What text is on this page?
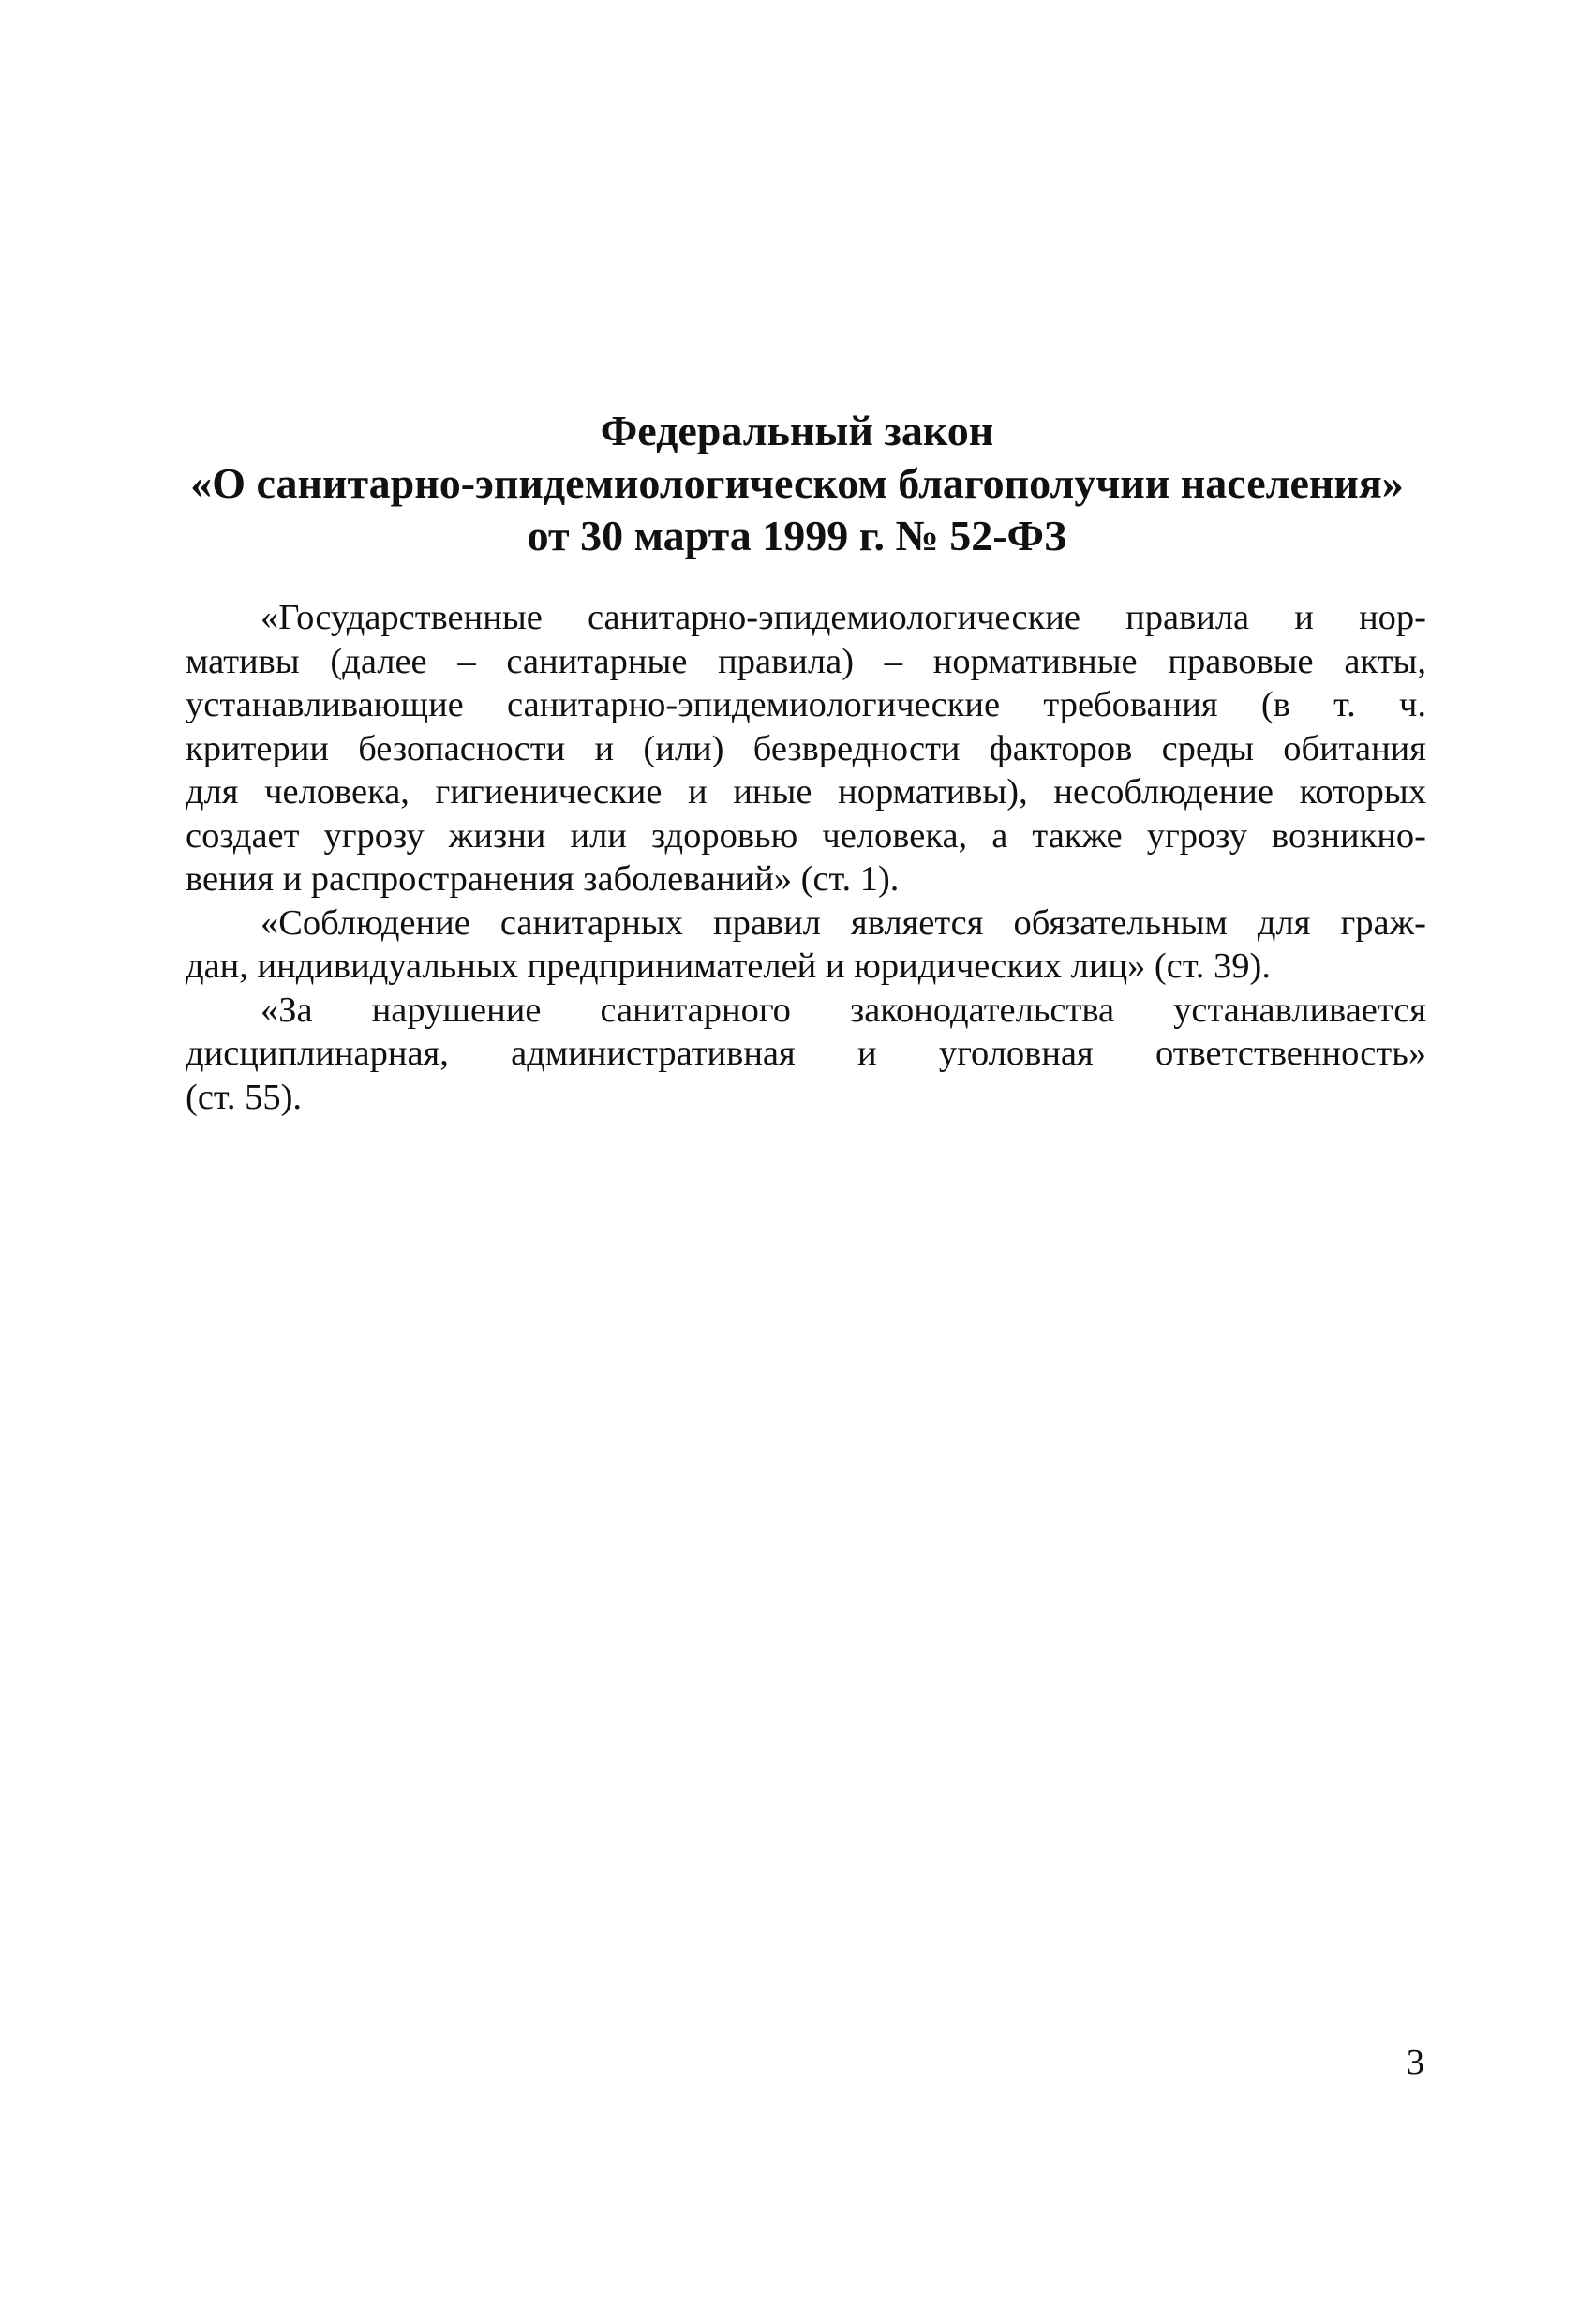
Федеральный закон
«О санитарно-эпидемиологическом благополучии населения»
от 30 марта 1999 г. № 52-ФЗ
«Государственные санитарно-эпидемиологические правила и нор-
мативы (далее – санитарные правила) – нормативные правовые акты,
устанавливающие санитарно-эпидемиологические требования (в т. ч.
критерии безопасности и (или) безвредности факторов среды обитания
для человека, гигиенические и иные нормативы), несоблюдение которых
создает угрозу жизни или здоровью человека, а также угрозу возникно-
вения и распространения заболеваний» (ст. 1).
«Соблюдение санитарных правил является обязательным для граж-
дан, индивидуальных предпринимателей и юридических лиц» (ст. 39).
«За нарушение санитарного законодательства устанавливается
дисциплинарная, административная и уголовная ответственность»
(ст. 55).
3
